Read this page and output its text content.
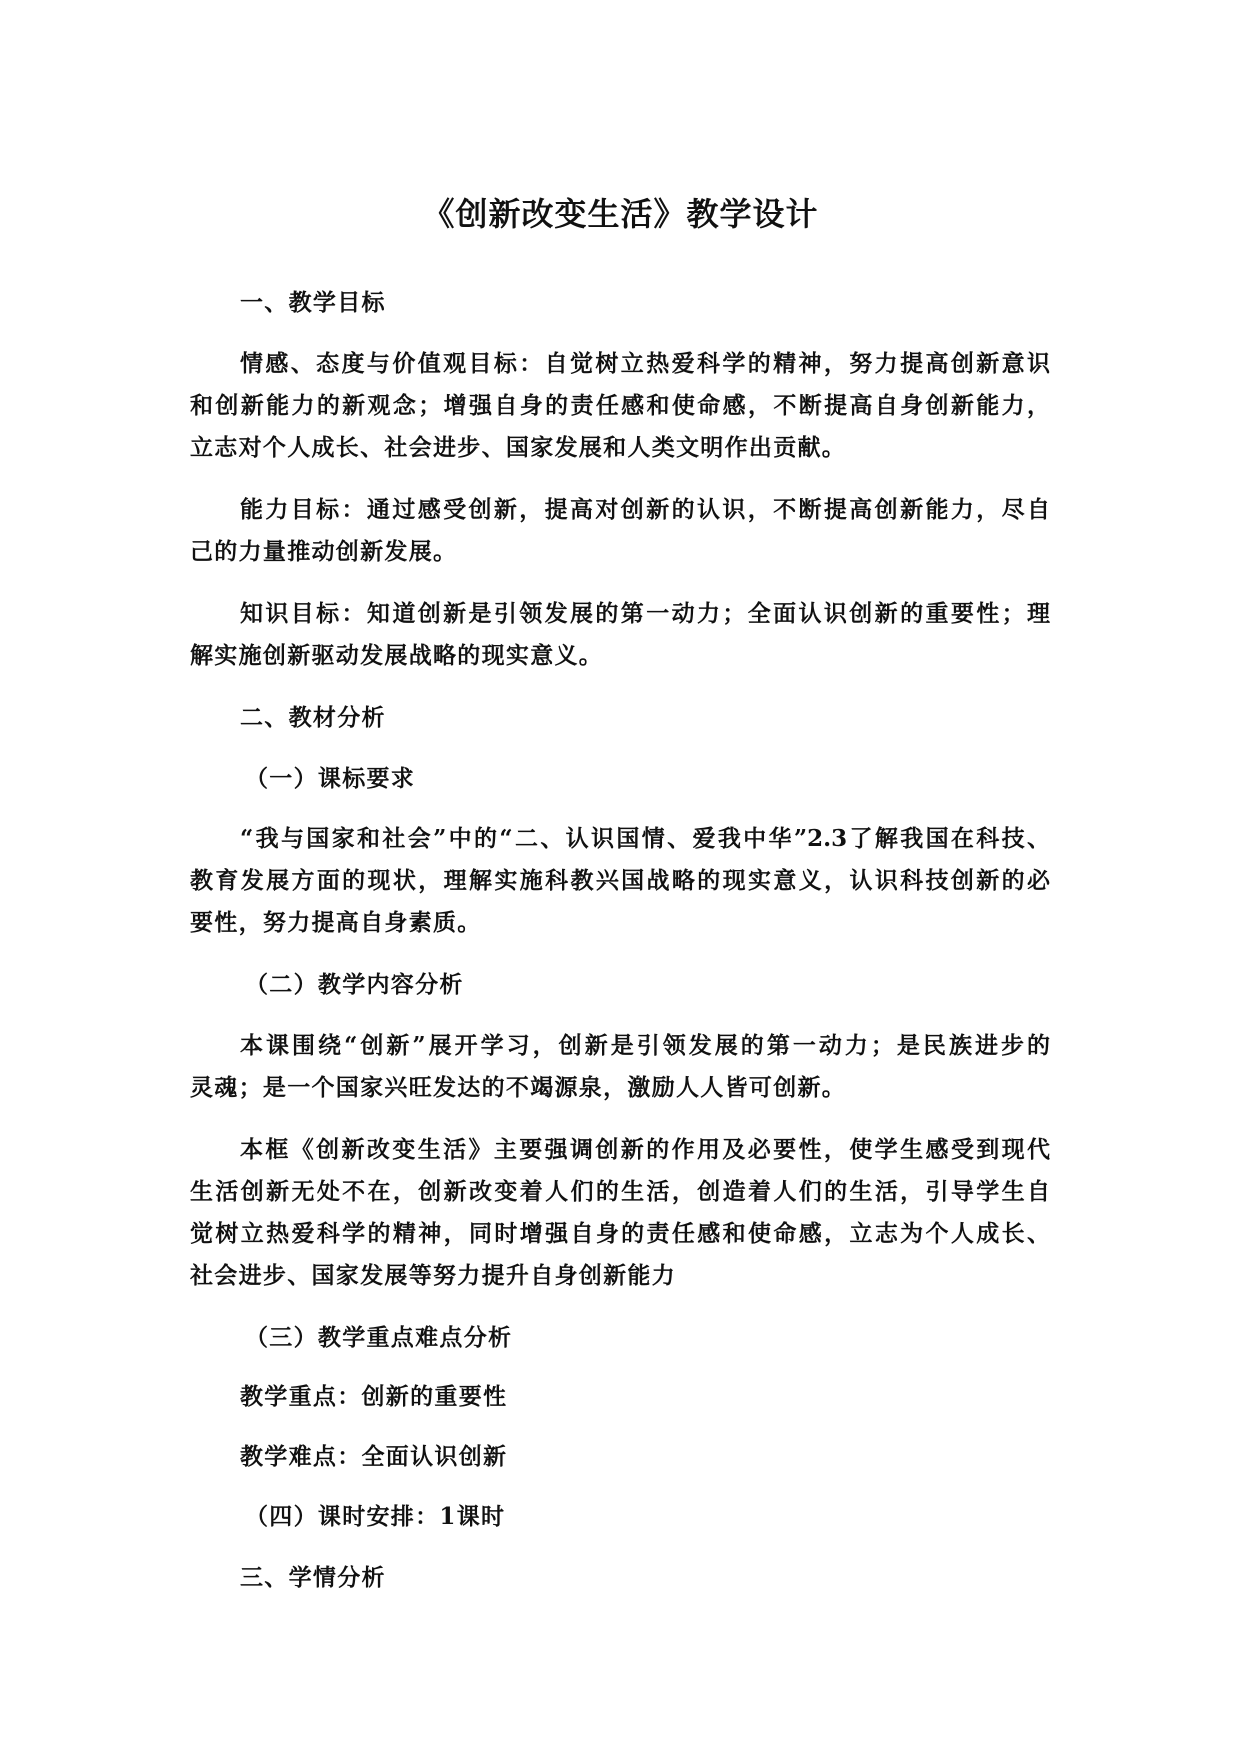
《创新改变生活》教学设计
一、教学目标
情感、态度与价值观目标：自觉树立热爱科学的精神，努力提高创新意识
和创新能力的新观念；增强自身的责任感和使命感，不断提高自身创新能力，
立志对个人成长、社会进步、国家发展和人类文明作出贡献。
能力目标：通过感受创新，提高对创新的认识，不断提高创新能力，尽自
己的力量推动创新发展。
知识目标：知道创新是引领发展的第一动力；全面认识创新的重要性；理
解实施创新驱动发展战略的现实意义。
二、教材分析
（一）课标要求
“我与国家和社会”中的“二、认识国情、爱我中华”2.3了解我国在科技、
教育发展方面的现状，理解实施科教兴国战略的现实意义，认识科技创新的必
要性，努力提高自身素质。
（二）教学内容分析
本课围绕“创新”展开学习，创新是引领发展的第一动力；是民族进步的
灵魂；是一个国家兴旺发达的不竭源泉，激励人人皆可创新。
本框《创新改变生活》主要强调创新的作用及必要性，使学生感受到现代
生活创新无处不在，创新改变着人们的生活，创造着人们的生活，引导学生自
觉树立热爱科学的精神，同时增强自身的责任感和使命感，立志为个人成长、
社会进步、国家发展等努力提升自身创新能力
（三）教学重点难点分析
教学重点：创新的重要性
教学难点：全面认识创新
（四）课时安排：1课时
三、学情分析
